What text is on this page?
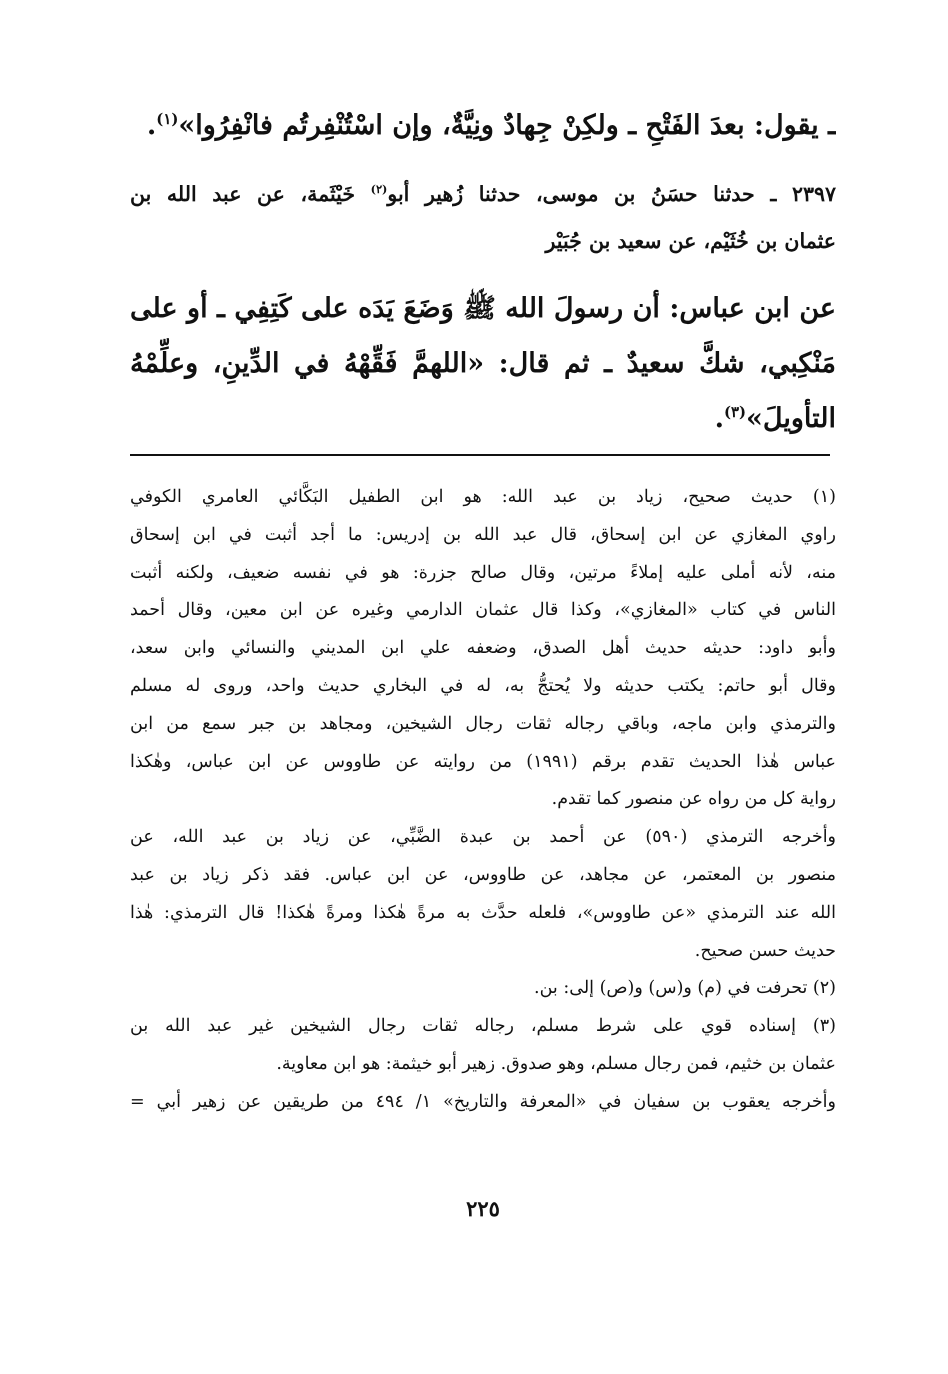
ـ يقول: بعدَ الفَتْحِ ـ ولكِنْ جِهادٌ ونِيَّةٌ، وإن اسْتُنْفِرتُم فانْفِرُوا»$^{(١)}$.

٢٣٩٧ ـ حدثنا حسَنُ بن موسى، حدثنا زُهير أبو$^{(٢)}$ خَيْثَمة، عن عبد الله بن

عثمان بن خُثَيْم، عن سعيد بن جُبَيْر

عن ابن عباس: أن رسولَ الله ﷺ وَضَعَ يَدَه على كَتِفِي ـ أو على

مَنْكِبي، شكَّ سعيدٌ ـ ثم قال: «اللهمَّ فَقِّهْهُ في الدِّينِ، وعلِّمْهُ

التأويلَ»$^{(٣)}$.

(١) حديث صحيح، زياد بن عبد الله: هو ابن الطفيل البَكَّائي العامري الكوفي

راوي المغازي عن ابن إسحاق، قال عبد الله بن إدريس: ما أجد أثبت في ابن إسحاق

منه، لأنه أملى عليه إملاءً مرتين، وقال صالح جزرة: هو في نفسه ضعيف، ولكنه أثبت

الناس في كتاب «المغازي»، وكذا قال عثمان الدارمي وغيره عن ابن معين، وقال أحمد

وأبو داود: حديثه حديث أهل الصدق، وضعفه علي ابن المديني والنسائي وابن سعد،

وقال أبو حاتم: يكتب حديثه ولا يُحتجُّ به، له في البخاري حديث واحد، وروى له مسلم

والترمذي وابن ماجه، وباقي رجاله ثقات رجال الشيخين، ومجاهد بن جبر سمع من ابن

عباس هٰذا الحديث تقدم برقم (١٩٩١) من روايته عن طاووس عن ابن عباس، وهٰكذا

رواية كل من رواه عن منصور كما تقدم.

وأخرجه الترمذي (٥٩٠) عن أحمد بن عبدة الضَّبِّي، عن زياد بن عبد الله، عن

منصور بن المعتمر، عن مجاهد، عن طاووس، عن ابن عباس. فقد ذكر زياد بن عبد

الله عند الترمذي «عن طاووس»، فلعله حدَّث به مرةً هٰكذا ومرةً هٰكذا! قال الترمذي: هٰذا

حديث حسن صحيح.

(٢) تحرفت في (م) و(س) و(ص) إلى: بن.

(٣) إسناده قوي على شرط مسلم، رجاله ثقات رجال الشيخين غير عبد الله بن

عثمان بن خثيم، فمن رجال مسلم، وهو صدوق. زهير أبو خيثمة: هو ابن معاوية.

وأخرجه يعقوب بن سفيان في «المعرفة والتاريخ» ١/ ٤٩٤ من طريقين عن زهير أبي =

٢٢٥
